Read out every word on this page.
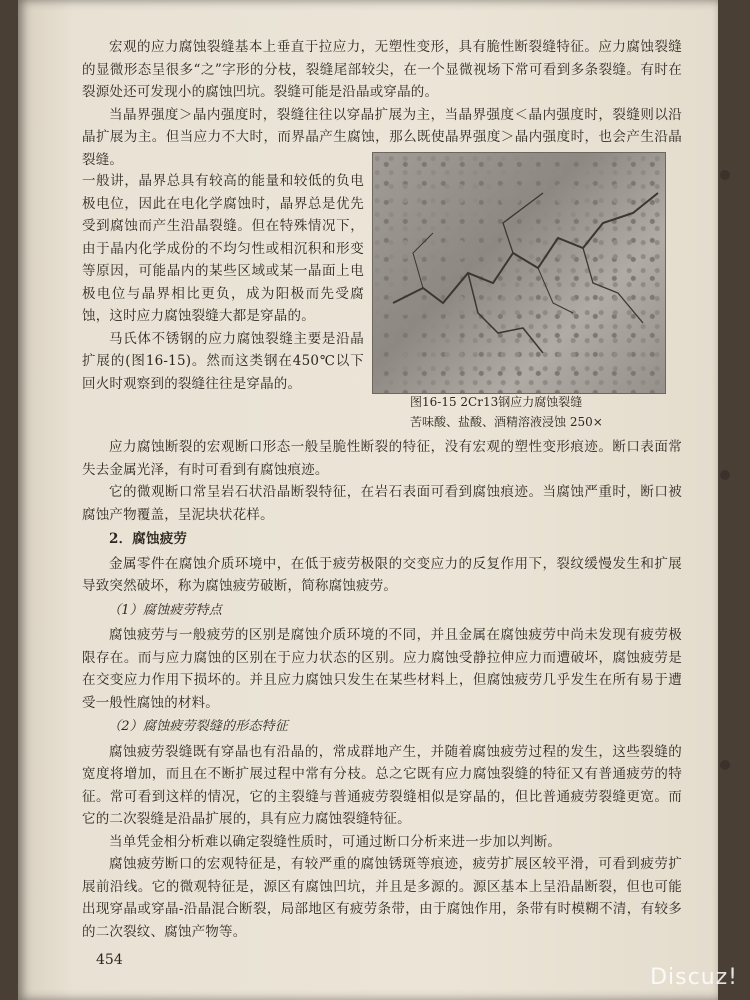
宏观的应力腐蚀裂缝基本上垂直于拉应力，无塑性变形，具有脆性断裂缝特征。应力腐蚀裂缝的显微形态呈很多“之”字形的分枝，裂缝尾部较尖，在一个显微视场下常可看到多条裂缝。有时在裂源处还可发现小的腐蚀凹坑。裂缝可能是沿晶或穿晶的。

当晶界强度＞晶内强度时，裂缝往往以穿晶扩展为主，当晶界强度＜晶内强度时，裂缝则以沿晶扩展为主。但当应力不大时，而界晶产生腐蚀，那么既使晶界强度＞晶内强度时，也会产生沿晶裂缝。

一般讲，晶界总具有较高的能量和较低的负电极电位，因此在电化学腐蚀时，晶界总是优先受到腐蚀而产生沿晶裂缝。但在特殊情况下，由于晶内化学成份的不均匀性或相沉积和形变等原因，可能晶内的某些区域或某一晶面上电极电位与晶界相比更负，成为阳极而先受腐蚀，这时应力腐蚀裂缝大都是穿晶的。

马氏体不锈钢的应力腐蚀裂缝主要是沿晶扩展的(图16-15)。然而这类钢在450℃以下回火时观察到的裂缝往往是穿晶的。

图16-15 2Cr13钢应力腐蚀裂缝
苦味酸、盐酸、酒精溶液浸蚀 250×

应力腐蚀断裂的宏观断口形态一般呈脆性断裂的特征，没有宏观的塑性变形痕迹。断口表面常失去金属光泽，有时可看到有腐蚀痕迹。

它的微观断口常呈岩石状沿晶断裂特征，在岩石表面可看到腐蚀痕迹。当腐蚀严重时，断口被腐蚀产物覆盖，呈泥块状花样。

2．腐蚀疲劳

金属零件在腐蚀介质环境中，在低于疲劳极限的交变应力的反复作用下，裂纹缓慢发生和扩展导致突然破坏，称为腐蚀疲劳破断，简称腐蚀疲劳。

（1）腐蚀疲劳特点

腐蚀疲劳与一般疲劳的区别是腐蚀介质环境的不同，并且金属在腐蚀疲劳中尚未发现有疲劳极限存在。而与应力腐蚀的区别在于应力状态的区别。应力腐蚀受静拉伸应力而遭破坏，腐蚀疲劳是在交变应力作用下损坏的。并且应力腐蚀只发生在某些材料上，但腐蚀疲劳几乎发生在所有易于遭受一般性腐蚀的材料。

（2）腐蚀疲劳裂缝的形态特征

腐蚀疲劳裂缝既有穿晶也有沿晶的，常成群地产生，并随着腐蚀疲劳过程的发生，这些裂缝的宽度将增加，而且在不断扩展过程中常有分枝。总之它既有应力腐蚀裂缝的特征又有普通疲劳的特征。常可看到这样的情况，它的主裂缝与普通疲劳裂缝相似是穿晶的，但比普通疲劳裂缝更宽。而它的二次裂缝是沿晶扩展的，具有应力腐蚀裂缝特征。

当单凭金相分析难以确定裂缝性质时，可通过断口分析来进一步加以判断。

腐蚀疲劳断口的宏观特征是，有较严重的腐蚀锈斑等痕迹，疲劳扩展区较平滑，可看到疲劳扩展前沿线。它的微观特征是，源区有腐蚀凹坑，并且是多源的。源区基本上呈沿晶断裂，但也可能出现穿晶或穿晶-沿晶混合断裂，局部地区有疲劳条带，由于腐蚀作用，条带有时模糊不清，有较多的二次裂纹、腐蚀产物等。

454
Discuz!
